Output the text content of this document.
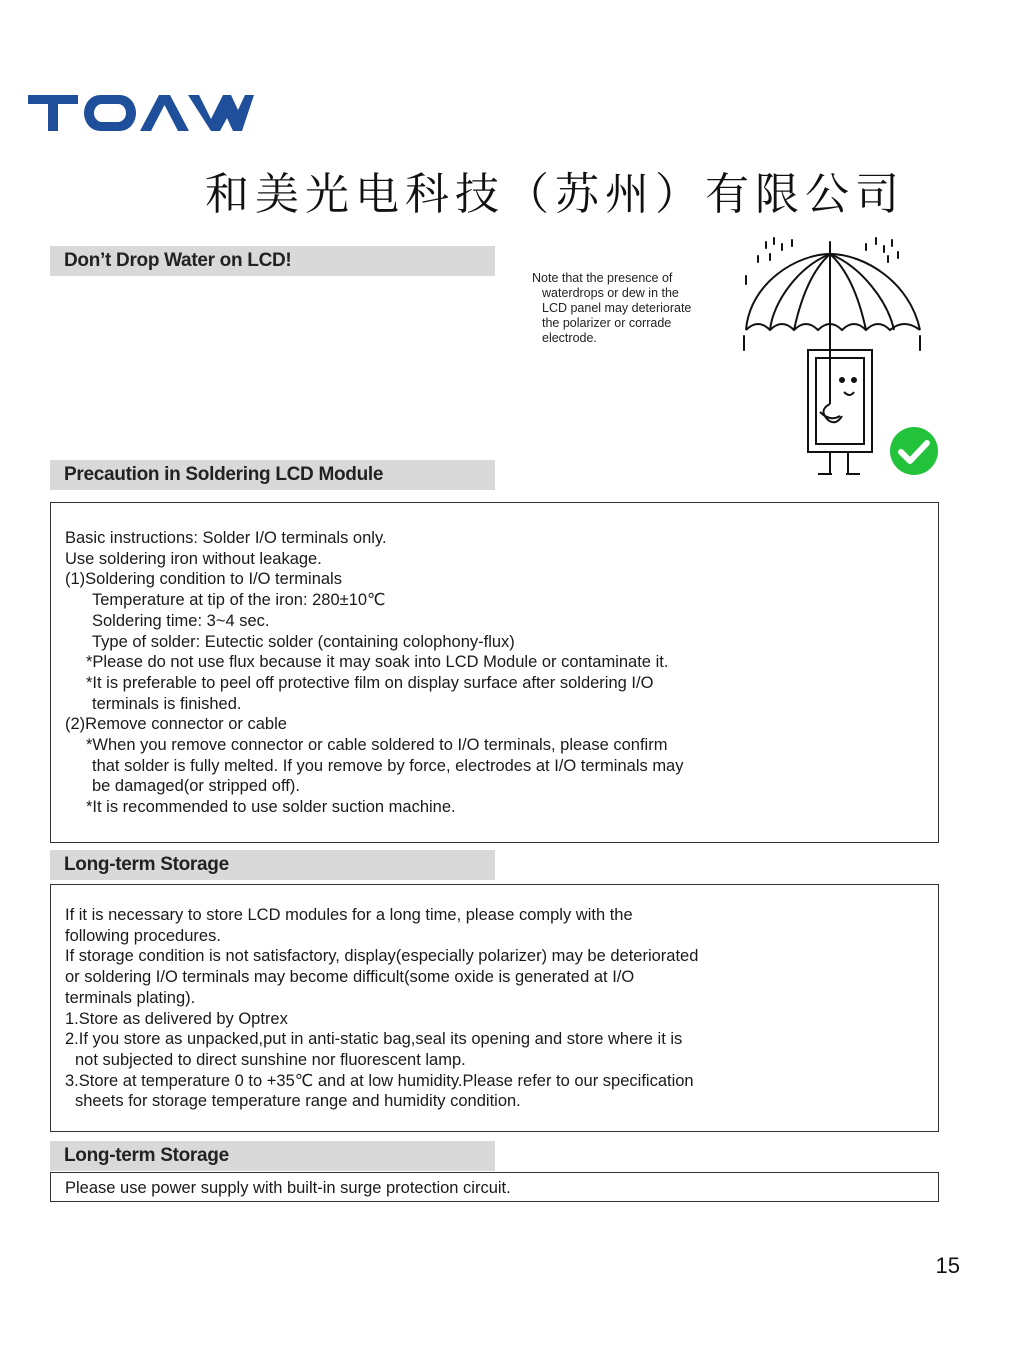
和美光电科技（苏州）有限公司
Don’t Drop Water on LCD!
Note that the presence of
waterdrops or dew in the
LCD panel may deteriorate
the polarizer or corrade
electrode.
Precaution in Soldering LCD Module
Basic instructions: Solder I/O terminals only.
Use soldering iron without leakage.
(1)Soldering condition to I/O terminals
Temperature at tip of the iron: 280±10℃
Soldering time: 3~4 sec.
Type of solder: Eutectic solder (containing colophony-flux)
*Please do not use flux because it may soak into LCD Module or contaminate it.
*It is preferable to peel off protective film on display surface after soldering I/O
terminals is finished.
(2)Remove connector or cable
*When you remove connector or cable soldered to I/O terminals, please confirm
that solder is fully melted. If you remove by force, electrodes at I/O terminals may
be damaged(or stripped off).
*It is recommended to use solder suction machine.
Long-term Storage
If it is necessary to store LCD modules for a long time, please comply with the
following procedures.
If storage condition is not satisfactory, display(especially polarizer) may be deteriorated
or soldering I/O terminals may become difficult(some oxide is generated at I/O
terminals plating).
1.Store as delivered by Optrex
2.If you store as unpacked,put in anti-static bag,seal its opening and store where it is
not subjected to direct sunshine nor fluorescent lamp.
3.Store at temperature 0 to +35℃ and at low humidity.Please refer to our specification
sheets for storage temperature range and humidity condition.
Long-term Storage
Please use power supply with built-in surge protection circuit.
15
